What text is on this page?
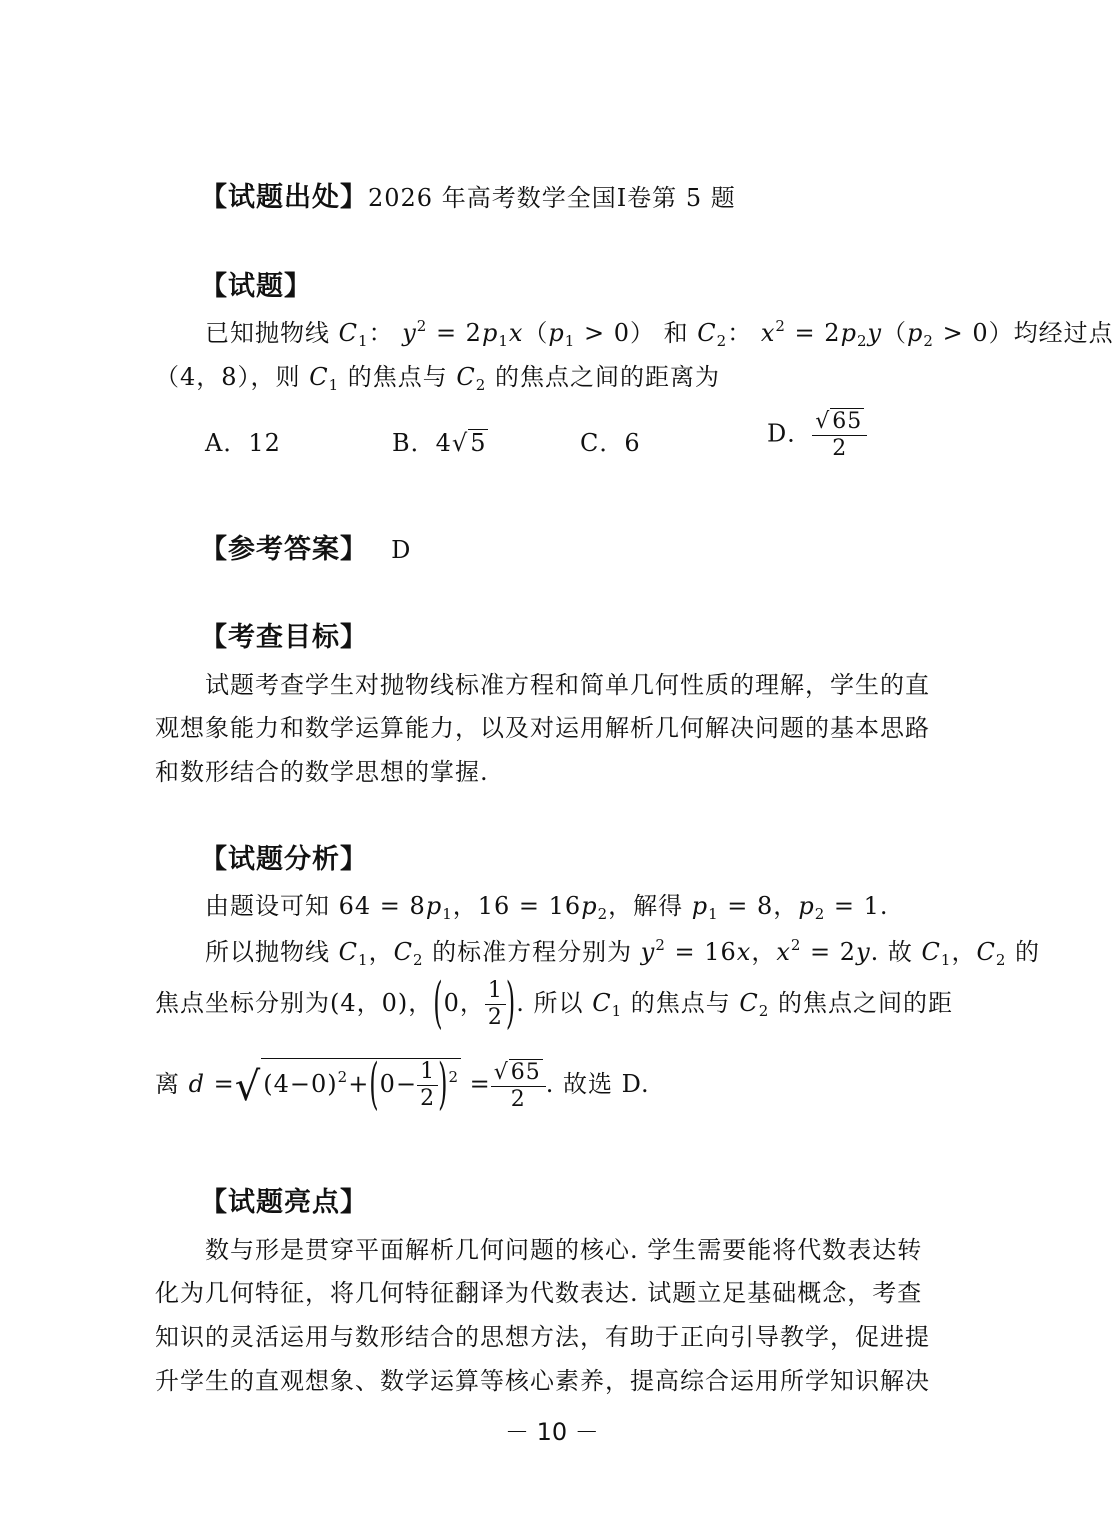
【试题出处】2026 年高考数学全国Ⅰ卷第 5 题
【试题】
已知抛物线 $C_1$： $y^2 = 2p_1x(p_1 > 0)$ 和 $C_2$： $x^2 = 2p_2y(p_2 > 0)$均经过点
（4，8），则 $C_1$ 的焦点与 $C_2$ 的焦点之间的距离为
A．12	B．4√5	C．6	D． $\frac{√65}{2}$
【参考答案】 D
【考查目标】
试题考查学生对抛物线标准方程和简单几何性质的理解，学生的直
观想象能力和数学运算能力，以及对运用解析几何解决问题的基本思路
和数形结合的数学思想的掌握.
【试题分析】
由题设可知 $64 = 8p_1$，$16 = 16p_2$，解得 $p_1 = 8$，$p_2 = 1$.
所以抛物线 $C_1$，$C_2$ 的标准方程分别为 $y^2 = 16x$，$x^2 = 2y$. 故 $C_1$，$C_2$ 的
焦点坐标分别为(4，0)，(0， $\frac{1}{2}$ ). 所以 $C_1$ 的焦点与 $C_2$ 的焦点之间的距
离 $d =√(4-0)^2+(0- \frac{1}{2} )^2 = \frac{√65}{2}$ . 故选 D.
【试题亮点】
数与形是贯穿平面解析几何问题的核心. 学生需要能将代数表达转
化为几何特征，将几何特征翻译为代数表达. 试题立足基础概念，考查
知识的灵活运用与数形结合的思想方法，有助于正向引导教学，促进提
升学生的直观想象、数学运算等核心素养，提高综合运用所学知识解决
－ 10 －
